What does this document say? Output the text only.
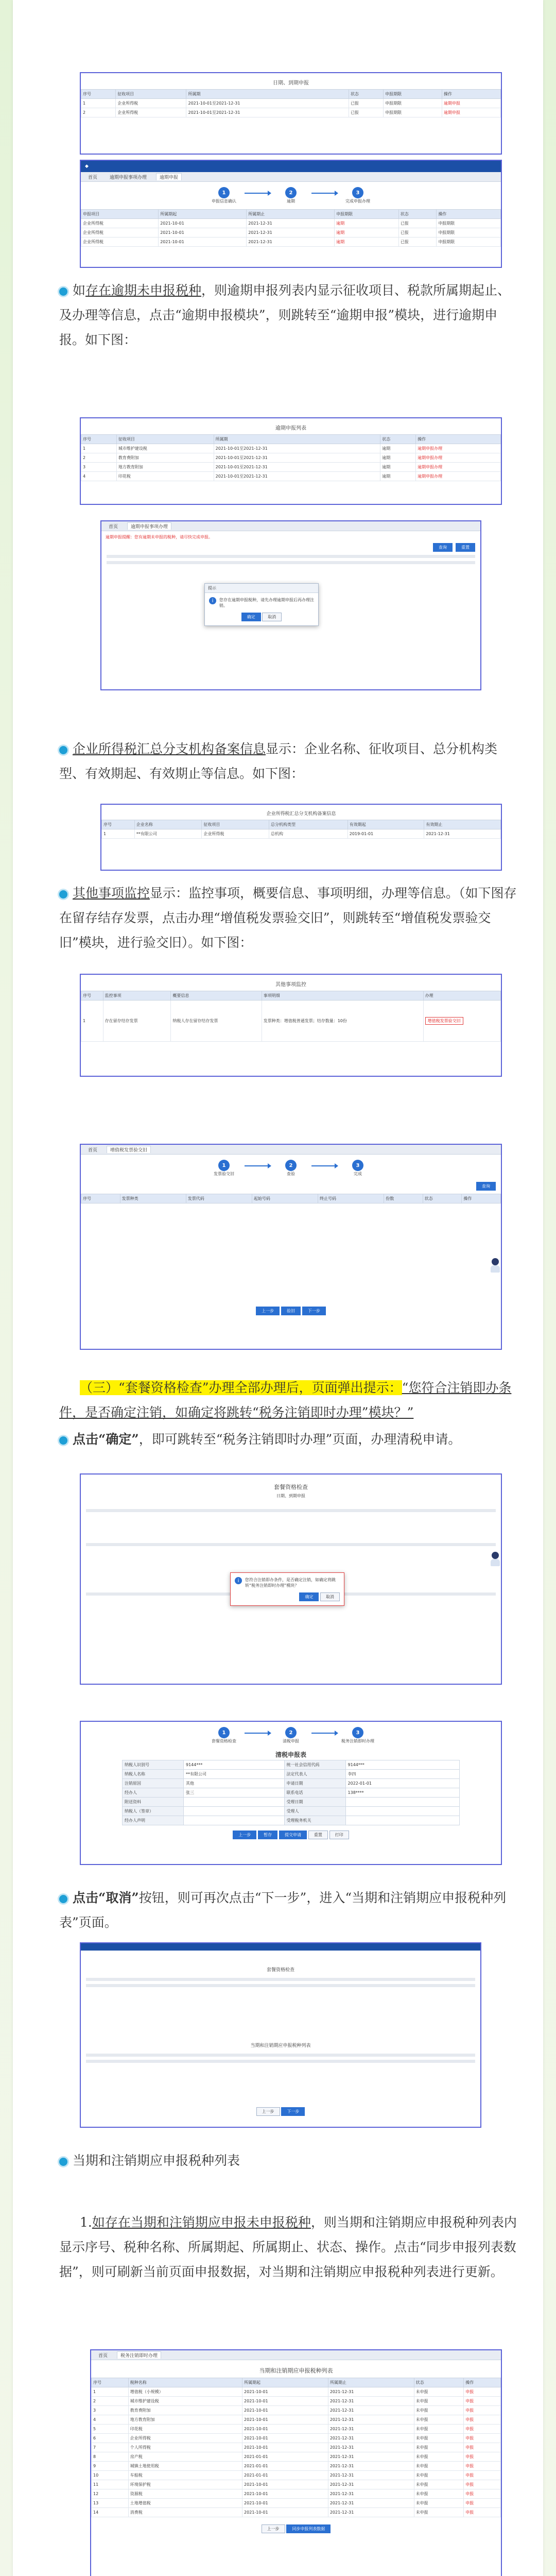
日期、到期申报
序号	征收项目	所属期	状态	申报期限	操作
1	企业所得税	2021-10-01至2021-12-31	已报	申报期限	逾期申报
2	企业所得税	2021-10-01至2021-12-31	已报	申报期限	逾期申报
◆
首页	逾期申报事项办理	逾期申报
1
申报信息确认
2
逾期
3
完成申报办理
申报项目	所属期起	所属期止	申报期限	状态	操作
企业所得税	2021-10-01	2021-12-31	逾期	已报	申报期限
企业所得税	2021-10-01	2021-12-31	逾期	已报	申报期限
企业所得税	2021-10-01	2021-12-31	逾期	已报	申报期限
如存在逾期未申报税种，则逾期申报列表内显示征收项目、税款所属期起止、及办理等信息，点击“逾期申报模块”，则跳转至“逾期申报”模块，进行逾期申报。如下图：
逾期申报列表
序号	征收项目	所属期	状态	操作
1	城市维护建设税	2021-10-01至2021-12-31	逾期	逾期申报办理
2	教育费附加	2021-10-01至2021-12-31	逾期	逾期申报办理
3	地方教育附加	2021-10-01至2021-12-31	逾期	逾期申报办理
4	印花税	2021-10-01至2021-12-31	逾期	逾期申报办理
首页	逾期申报事项办理
逾期申报提醒：您有逾期未申报的税种，请尽快完成申报。
查询	重置
提示
i	您存在逾期申报税种，请先办理逾期申报后再办理注销。
确定	取消
企业所得税汇总分支机构备案信息显示：企业名称、征收项目、总分机构类型、有效期起、有效期止等信息。如下图：
企业所得税汇总分支机构备案信息
序号	企业名称	征收项目	总分机构类型	有效期起	有效期止
1	**有限公司	企业所得税	总机构	2019-01-01	2021-12-31
其他事项监控显示：监控事项，概要信息、事项明细，办理等信息。（如下图存在留存结存发票，点击办理“增值税发票验交旧”，则跳转至“增值税发票验交旧”模块，进行验交旧）。如下图：
其他事项监控
序号	监控事项	概要信息	事项明细	办理
1	存在留存结存发票	纳税人存在留存结存发票	发票种类：增值税普通发票；结存数量：10份	增值税发票验交旧
首页	增值税发票验交旧
1
发票验交旧
2
查验
3
完成
查询
序号	发票种类	发票代码	起始号码	终止号码	份数	状态	操作
上一步	验旧	下一步
（三）“套餐资格检查”办理全部办理后，页面弹出提示：“您符合注销即办条件，是否确定注销，如确定将跳转“税务注销即时办理”模块？”
点击“确定”，即可跳转至“税务注销即时办理”页面，办理清税申请。
套餐资格检查
日期、到期申报
i	您符合注销即办条件，是否确定注销，如确定将跳转“税务注销即时办理”模块？
确定	取消
1
套餐资格检查
2
清税申报
3
税务注销即时办理
清税申报表
纳税人识别号	9144***	统一社会信用代码	9144***
纳税人名称	**有限公司	法定代表人	李四
注销原因	其他	申请日期	2022-01-01
经办人	张三	联系电话	138****
附送资料		受理日期	
纳税人（签章）		受理人	
经办人声明		受理税务机关	
上一步	暂存	提交申请	重置	打印
点击“取消”按钮，则可再次点击“下一步”，进入“当期和注销期应申报税种列表”页面。
套餐资格检查
当期和注销期应申报税种列表
上一步	下一步
当期和注销期应申报税种列表
1.如存在当期和注销期应申报未申报税种，则当期和注销期应申报税种列表内显示序号、税种名称、所属期起、所属期止、状态、操作。点击“同步申报列表数据”，则可刷新当前页面申报数据，对当期和注销期应申报税种列表进行更新。
首页	税务注销即时办理
当期和注销期应申报税种列表
序号	税种名称	所属期起	所属期止	状态	操作
1	增值税（小规模）	2021-10-01	2021-12-31	未申报	申报
2	城市维护建设税	2021-10-01	2021-12-31	未申报	申报
3	教育费附加	2021-10-01	2021-12-31	未申报	申报
4	地方教育附加	2021-10-01	2021-12-31	未申报	申报
5	印花税	2021-10-01	2021-12-31	未申报	申报
6	企业所得税	2021-10-01	2021-12-31	未申报	申报
7	个人所得税	2021-10-01	2021-12-31	未申报	申报
8	房产税	2021-01-01	2021-12-31	未申报	申报
9	城镇土地使用税	2021-01-01	2021-12-31	未申报	申报
10	车船税	2021-01-01	2021-12-31	未申报	申报
11	环境保护税	2021-10-01	2021-12-31	未申报	申报
12	资源税	2021-10-01	2021-12-31	未申报	申报
13	土地增值税	2021-10-01	2021-12-31	未申报	申报
14	消费税	2021-10-01	2021-12-31	未申报	申报
上一步	同步申报列表数据
